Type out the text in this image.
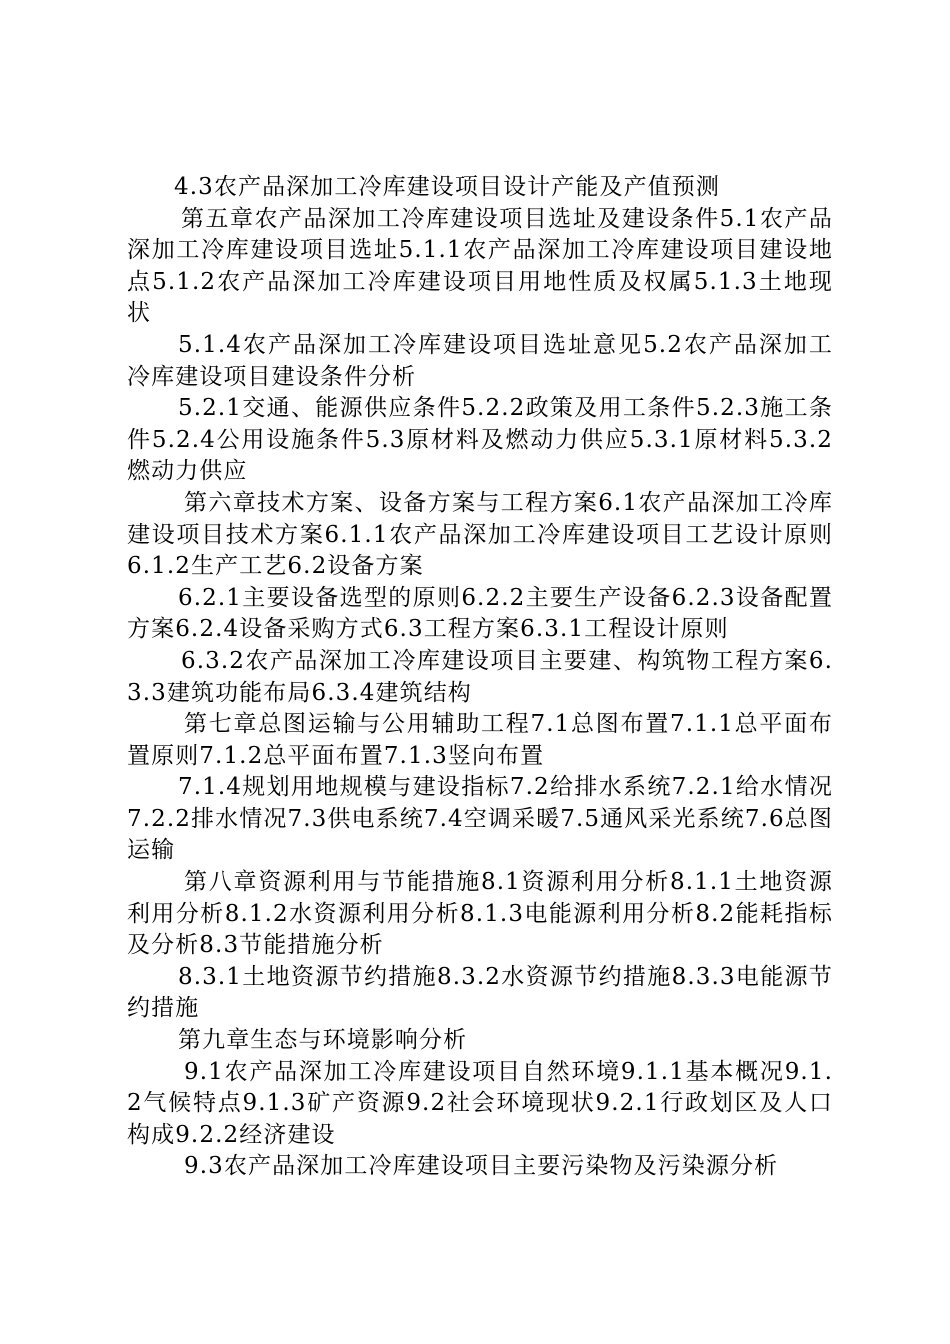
4.3农产品深加工冷库建设项目设计产能及产值预测

第五章农产品深加工冷库建设项目选址及建设条件5.1农产品深加工冷库建设项目选址5.1.1农产品深加工冷库建设项目建设地点5.1.2农产品深加工冷库建设项目用地性质及权属5.1.3土地现状

5.1.4农产品深加工冷库建设项目选址意见5.2农产品深加工冷库建设项目建设条件分析

5.2.1交通、能源供应条件5.2.2政策及用工条件5.2.3施工条件5.2.4公用设施条件5.3原材料及燃动力供应5.3.1原材料5.3.2燃动力供应

第六章技术方案、设备方案与工程方案6.1农产品深加工冷库建设项目技术方案6.1.1农产品深加工冷库建设项目工艺设计原则6.1.2生产工艺6.2设备方案

6.2.1主要设备选型的原则6.2.2主要生产设备6.2.3设备配置方案6.2.4设备采购方式6.3工程方案6.3.1工程设计原则

6.3.2农产品深加工冷库建设项目主要建、构筑物工程方案6.3.3建筑功能布局6.3.4建筑结构

第七章总图运输与公用辅助工程7.1总图布置7.1.1总平面布置原则7.1.2总平面布置7.1.3竖向布置

7.1.4规划用地规模与建设指标7.2给排水系统7.2.1给水情况7.2.2排水情况7.3供电系统7.4空调采暖7.5通风采光系统7.6总图运输

第八章资源利用与节能措施8.1资源利用分析8.1.1土地资源利用分析8.1.2水资源利用分析8.1.3电能源利用分析8.2能耗指标及分析8.3节能措施分析

8.3.1土地资源节约措施8.3.2水资源节约措施8.3.3电能源节约措施

第九章生态与环境影响分析

9.1农产品深加工冷库建设项目自然环境9.1.1基本概况9.1.2气候特点9.1.3矿产资源9.2社会环境现状9.2.1行政划区及人口构成9.2.2经济建设

9.3农产品深加工冷库建设项目主要污染物及污染源分析
